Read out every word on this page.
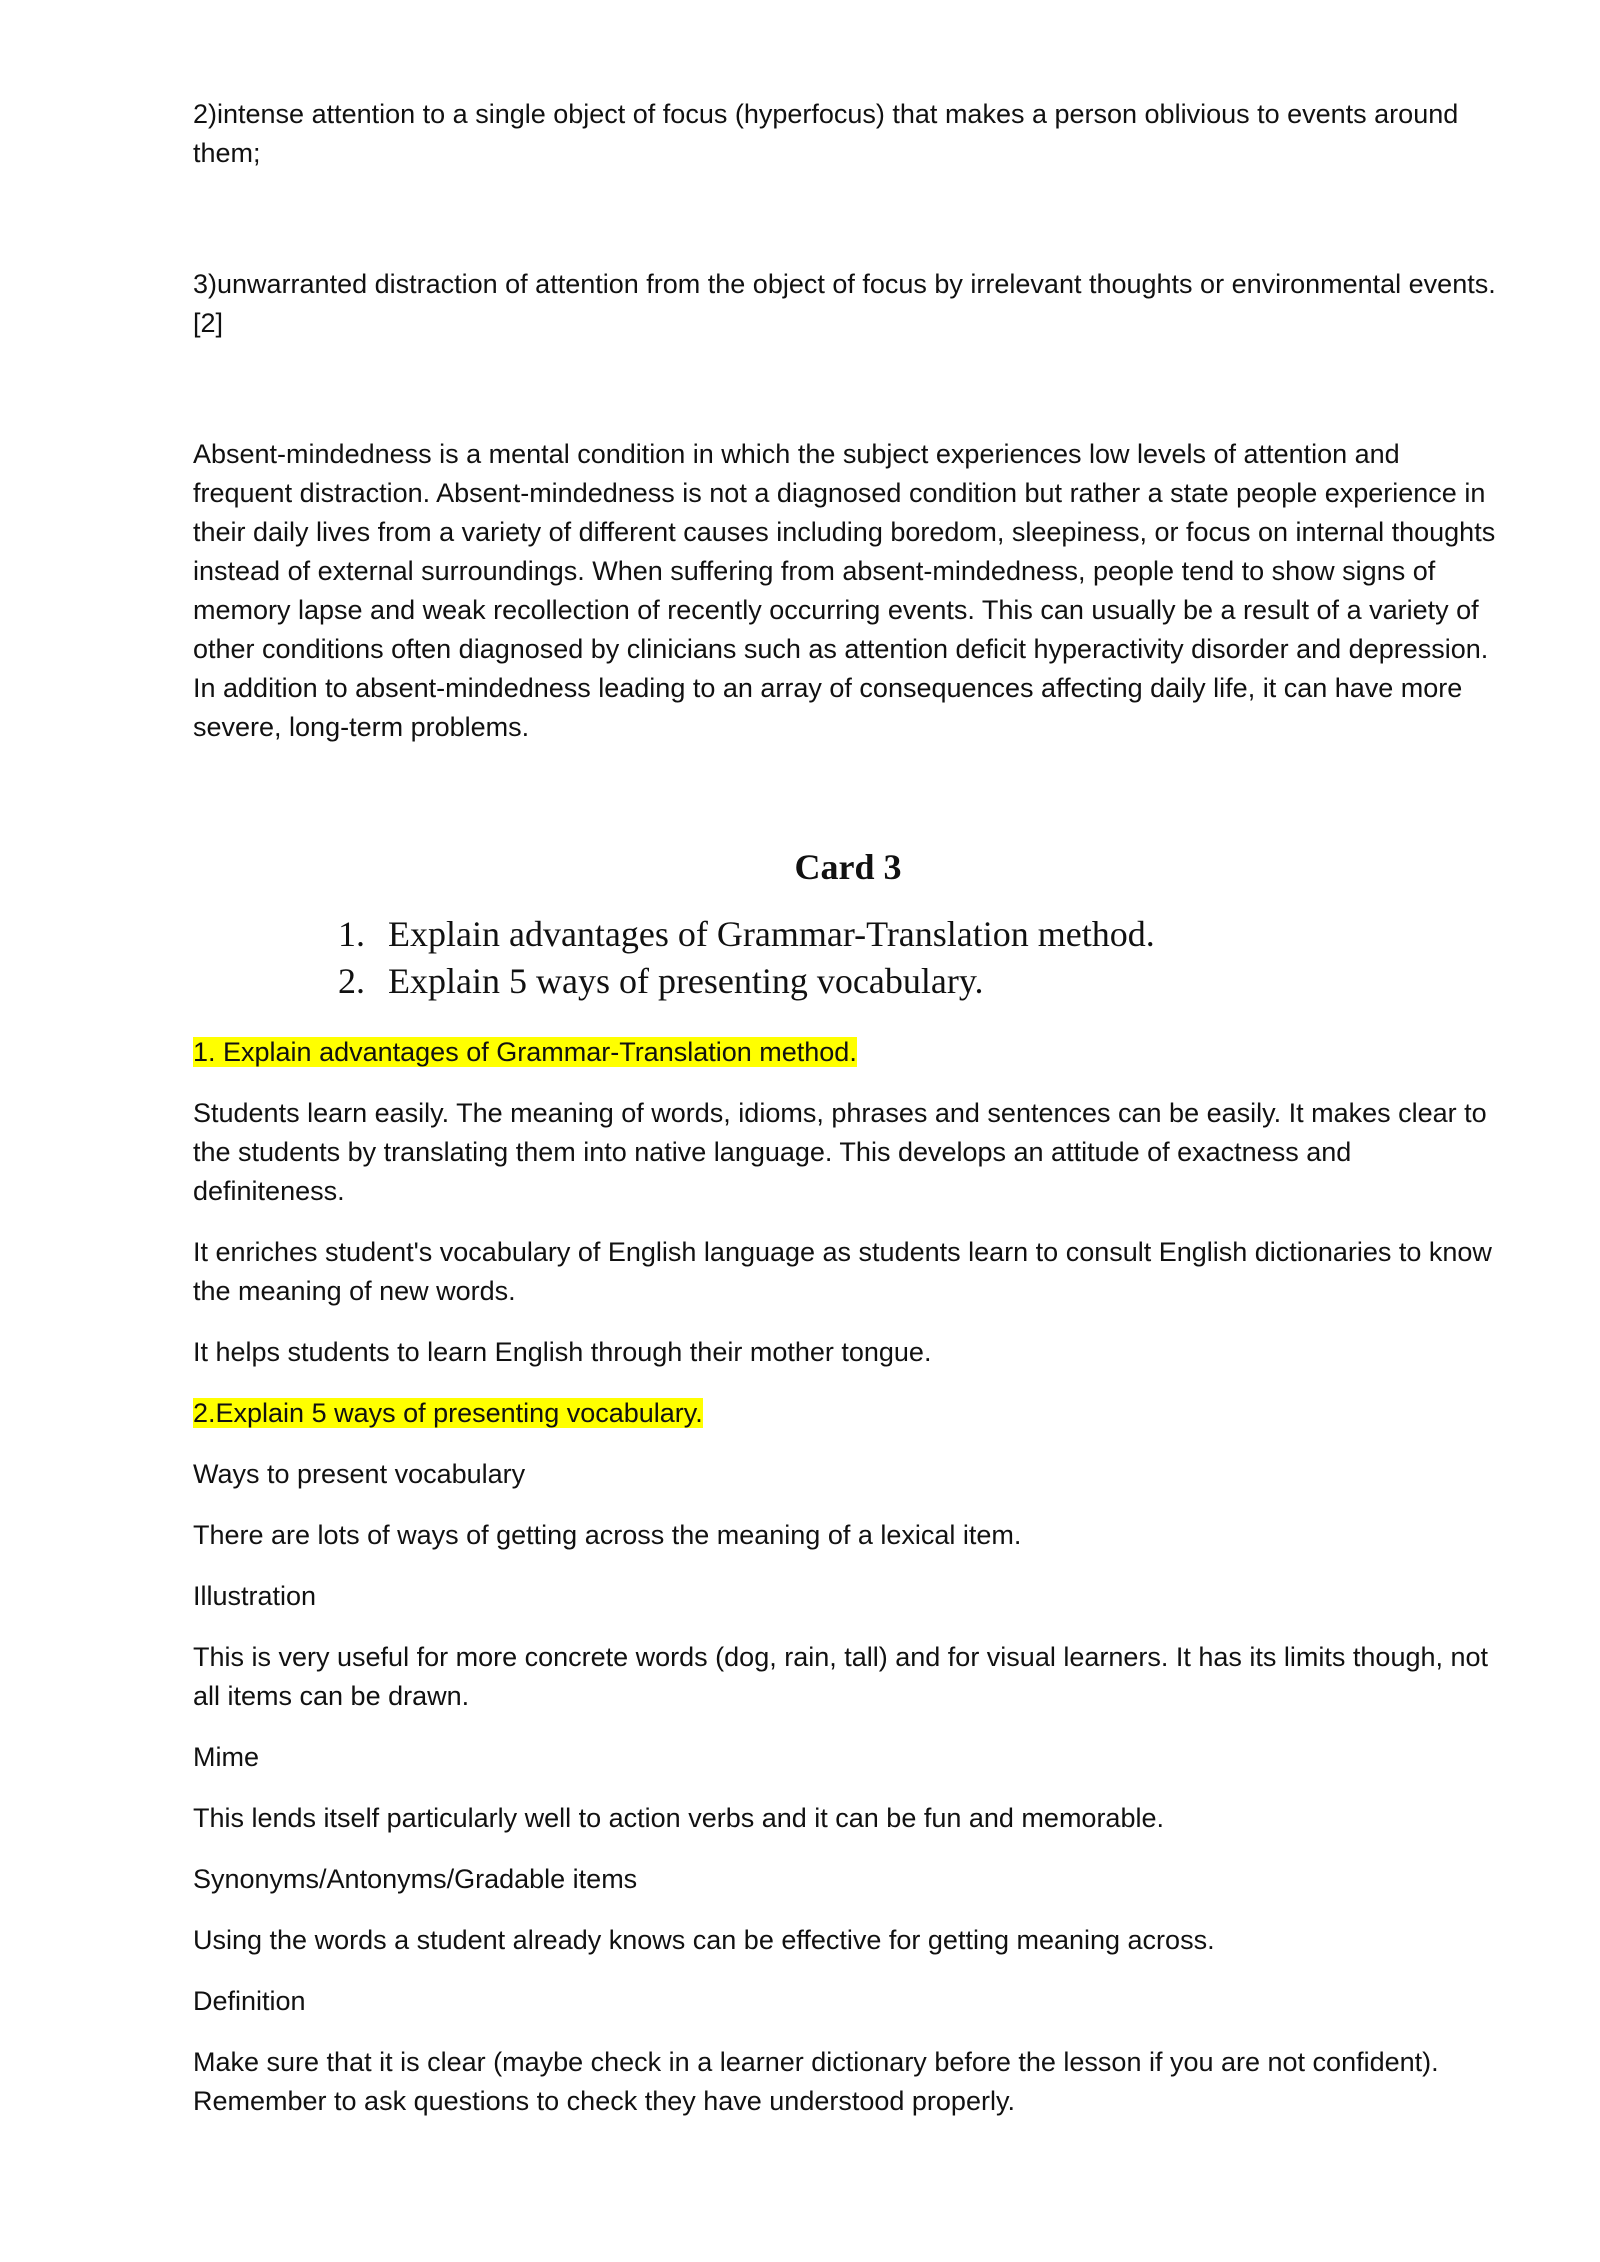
2)intense attention to a single object of focus (hyperfocus) that makes a person oblivious to events around them;

3)unwarranted distraction of attention from the object of focus by irrelevant thoughts or environmental events.[2]

Absent-mindedness is a mental condition in which the subject experiences low levels of attention and frequent distraction. Absent-mindedness is not a diagnosed condition but rather a state people experience in their daily lives from a variety of different causes including boredom, sleepiness, or focus on internal thoughts instead of external surroundings. When suffering from absent-mindedness, people tend to show signs of memory lapse and weak recollection of recently occurring events. This can usually be a result of a variety of other conditions often diagnosed by clinicians such as attention deficit hyperactivity disorder and depression. In addition to absent-mindedness leading to an array of consequences affecting daily life, it can have more severe, long-term problems.

Card 3
1. Explain advantages of Grammar-Translation method.
2. Explain 5 ways of presenting vocabulary.

1. Explain advantages of Grammar-Translation method.

Students learn easily. The meaning of words, idioms, phrases and sentences can be easily. It makes clear to the students by translating them into native language. This develops an attitude of exactness and definiteness.

It enriches student's vocabulary of English language as students learn to consult English dictionaries to know the meaning of new words.

It helps students to learn English through their mother tongue.

2.Explain 5 ways of presenting vocabulary.

Ways to present vocabulary

There are lots of ways of getting across the meaning of a lexical item.

Illustration

This is very useful for more concrete words (dog, rain, tall) and for visual learners. It has its limits though, not all items can be drawn.

Mime

This lends itself particularly well to action verbs and it can be fun and memorable.

Synonyms/Antonyms/Gradable items

Using the words a student already knows can be effective for getting meaning across.

Definition

Make sure that it is clear (maybe check in a learner dictionary before the lesson if you are not confident). Remember to ask questions to check they have understood properly.
